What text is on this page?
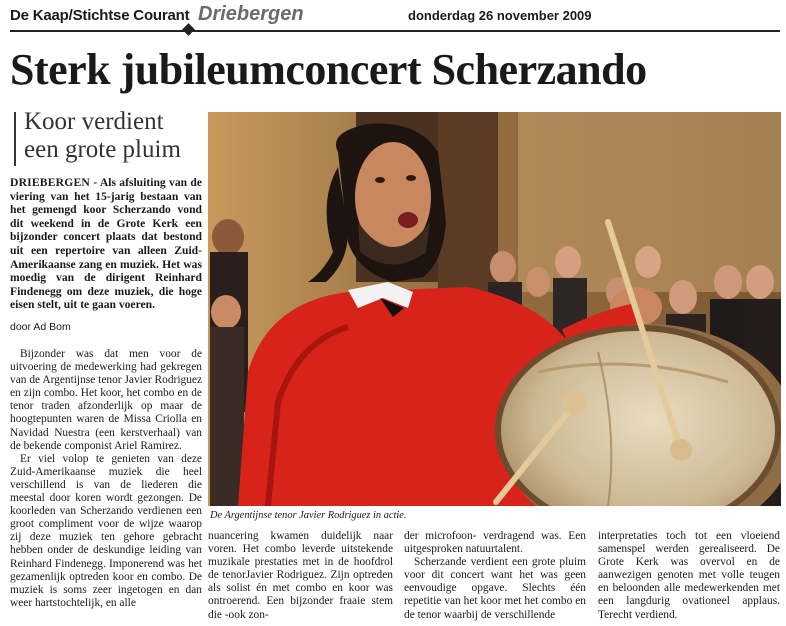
De Kaap/Stichtse Courant Driebergen	donderdag 26 november 2009
Sterk jubileumconcert Scherzando
Koor verdient een grote pluim
DRIEBERGEN - Als afsluiting van de viering van het 15-jarig bestaan van het gemengd koor Scherzando vond dit weekend in de Grote Kerk een bijzonder concert plaats dat bestond uit een repertoire van alleen Zuid-Amerikaanse zang en muziek. Het was moedig van de dirigent Reinhard Findenegg om deze muziek, die hoge eisen stelt, uit te gaan voeren.
door Ad Bom

Bijzonder was dat men voor de uitvoering de medewerking had gekregen van de Argentijnse tenor Javier Rodriguez en zijn combo. Het koor, het combo en de tenor traden afzonderlijk op maar de hoogtepunten waren de Missa Criolla en Navidad Nuestra (een kerstverhaal) van de bekende componist Ariel Ramirez.

Er viel volop te genieten van deze Zuid-Amerikaanse muziek die heel verschillend is van de liederen die meestal door koren wordt gezongen. De koorleden van Scherzando verdienen een groot compliment voor de wijze waarop zij deze muziek ten gehore gebracht hebben onder de deskundige leiding van Reinhard Findenegg. Imponerend was het gezamenlijk optreden koor en combo. De muziek is soms zeer ingetogen en dan weer hartstochtelijk, en alle

De Argentijnse tenor Javier Rodriguez in actie.

nuancering kwamen duidelijk naar voren. Het combo leverde uitstekende muzikale prestaties met in de hoofdrol de tenorJavier Rodriguez. Zijn optreden als solist én met combo en koor was ontroerend. Een bijzonder fraaie stem die -ook zon-

der microfoon- verdragend was. Een uitgesproken natuurtalent.

Scherzande verdient een grote pluim voor dit concert want het was geen eenvoudige opgave. Slechts één repetitie van het koor met het combo en de tenor waarbij de verschillende

interpretaties toch tot een vloeiend samenspel werden gerealiseerd. De Grote Kerk was overvol en de aanwezigen genoten met volle teugen en beloonden alle medewerkenden met een langdurig ovationeel applaus. Terecht verdiend.
